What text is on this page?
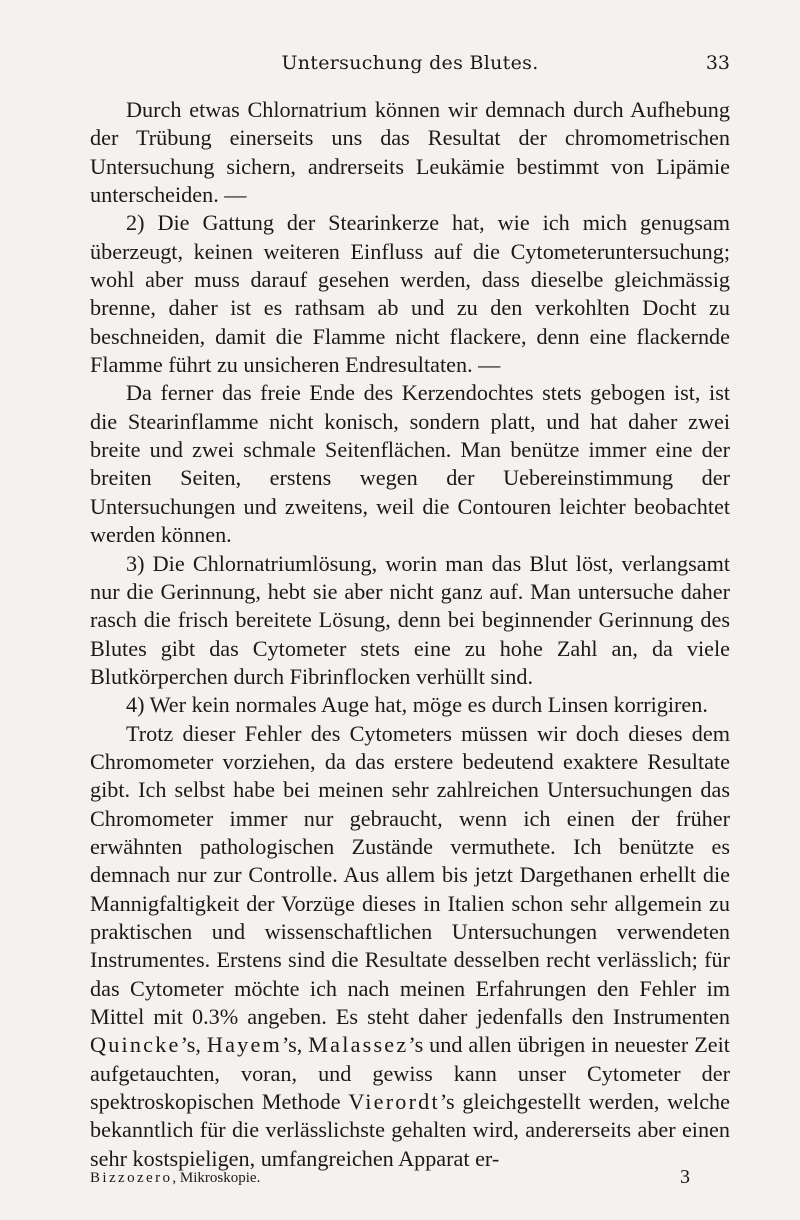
Untersuchung des Blutes.	33

Durch etwas Chlornatrium können wir demnach durch Aufhebung der Trübung einerseits uns das Resultat der chromometrischen Untersuchung sichern, andrerseits Leukämie bestimmt von Lipämie unterscheiden. —

2) Die Gattung der Stearinkerze hat, wie ich mich genugsam überzeugt, keinen weiteren Einfluss auf die Cytometeruntersuchung; wohl aber muss darauf gesehen werden, dass dieselbe gleichmässig brenne, daher ist es rathsam ab und zu den verkohlten Docht zu beschneiden, damit die Flamme nicht flackere, denn eine flackernde Flamme führt zu unsicheren Endresultaten. —

Da ferner das freie Ende des Kerzendochtes stets gebogen ist, ist die Stearinflamme nicht konisch, sondern platt, und hat daher zwei breite und zwei schmale Seitenflächen. Man benütze immer eine der breiten Seiten, erstens wegen der Uebereinstimmung der Untersuchungen und zweitens, weil die Contouren leichter beobachtet werden können.

3) Die Chlornatriumlösung, worin man das Blut löst, verlangsamt nur die Gerinnung, hebt sie aber nicht ganz auf. Man untersuche daher rasch die frisch bereitete Lösung, denn bei beginnender Gerinnung des Blutes gibt das Cytometer stets eine zu hohe Zahl an, da viele Blutkörperchen durch Fibrinflocken verhüllt sind.

4) Wer kein normales Auge hat, möge es durch Linsen korrigiren.

Trotz dieser Fehler des Cytometers müssen wir doch dieses dem Chromometer vorziehen, da das erstere bedeutend exaktere Resultate gibt. Ich selbst habe bei meinen sehr zahlreichen Untersuchungen das Chromometer immer nur gebraucht, wenn ich einen der früher erwähnten pathologischen Zustände vermuthete. Ich benützte es demnach nur zur Controlle. Aus allem bis jetzt Dargethanen erhellt die Mannigfaltigkeit der Vorzüge dieses in Italien schon sehr allgemein zu praktischen und wissenschaftlichen Untersuchungen verwendeten Instrumentes. Erstens sind die Resultate desselben recht verlässlich; für das Cytometer möchte ich nach meinen Erfahrungen den Fehler im Mittel mit 0.3% angeben. Es steht daher jedenfalls den Instrumenten Quincke’s, Hayem’s, Malassez’s und allen übrigen in neuester Zeit aufgetauchten, voran, und gewiss kann unser Cytometer der spektroskopischen Methode Vierordt’s gleichgestellt werden, welche bekanntlich für die verlässlichste gehalten wird, andererseits aber einen sehr kostspieligen, umfangreichen Apparat er-

Bizzozero, Mikroskopie.	3
